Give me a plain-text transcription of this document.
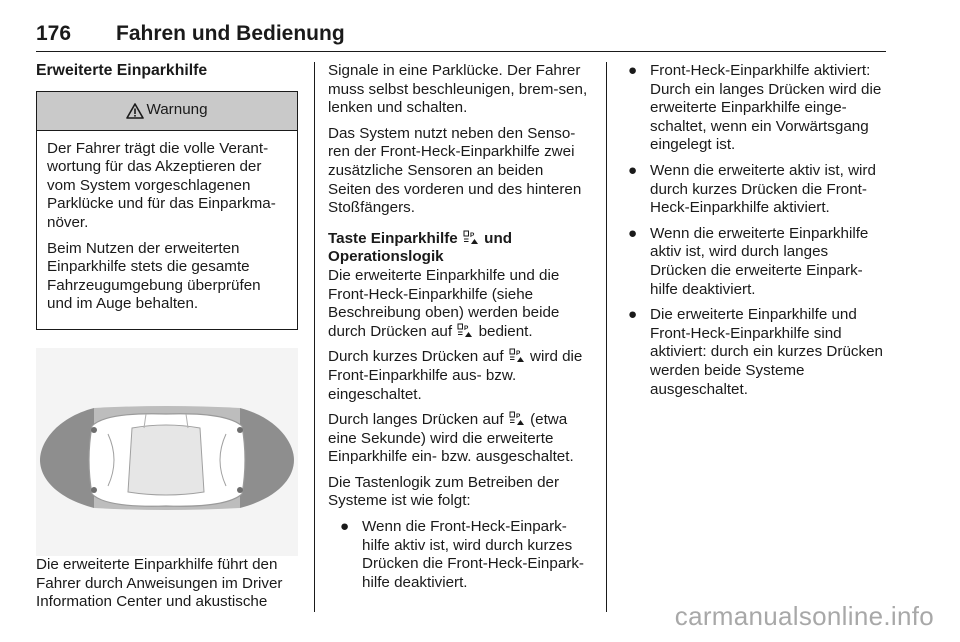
176 Fahren und Bedienung
Erweiterte Einparkhilfe
Warnung

Der Fahrer trägt die volle Verant-wortung für das Akzeptieren der vom System vorgeschlagenen Parklücke und für das Einparkma-növer.

Beim Nutzen der erweiterten Einparkhilfe stets die gesamte Fahrzeugumgebung überprüfen und im Auge behalten.

Die erweiterte Einparkhilfe führt den Fahrer durch Anweisungen im Driver Information Center und akustische

Signale in eine Parklücke. Der Fahrer muss selbst beschleunigen, brem-sen, lenken und schalten.

Das System nutzt neben den Senso-ren der Front-Heck-Einparkhilfe zwei zusätzliche Sensoren an beiden Seiten des vorderen und des hinteren Stoßfängers.

Taste Einparkhilfe und Operationslogik

Die erweiterte Einparkhilfe und die Front-Heck-Einparkhilfe (siehe Beschreibung oben) werden beide durch Drücken auf bedient.

Durch kurzes Drücken auf wird die Front-Einparkhilfe aus- bzw. eingeschaltet.

Durch langes Drücken auf (etwa eine Sekunde) wird die erweiterte Einparkhilfe ein- bzw. ausgeschaltet.

Die Tastenlogik zum Betreiben der Systeme ist wie folgt:

● Wenn die Front-Heck-Einpark-hilfe aktiv ist, wird durch kurzes Drücken die Front-Heck-Einpark-hilfe deaktiviert.
● Front-Heck-Einparkhilfe aktiviert: Durch ein langes Drücken wird die erweiterte Einparkhilfe einge-schaltet, wenn ein Vorwärtsgang eingelegt ist.
● Wenn die erweiterte aktiv ist, wird durch kurzes Drücken die Front-Heck-Einparkhilfe aktiviert.
● Wenn die erweiterte Einparkhilfe aktiv ist, wird durch langes Drücken die erweiterte Einpark-hilfe deaktiviert.
● Die erweiterte Einparkhilfe und Front-Heck-Einparkhilfe sind aktiviert: durch ein kurzes Drücken werden beide Systeme ausgeschaltet.
carmanualsonline.info
